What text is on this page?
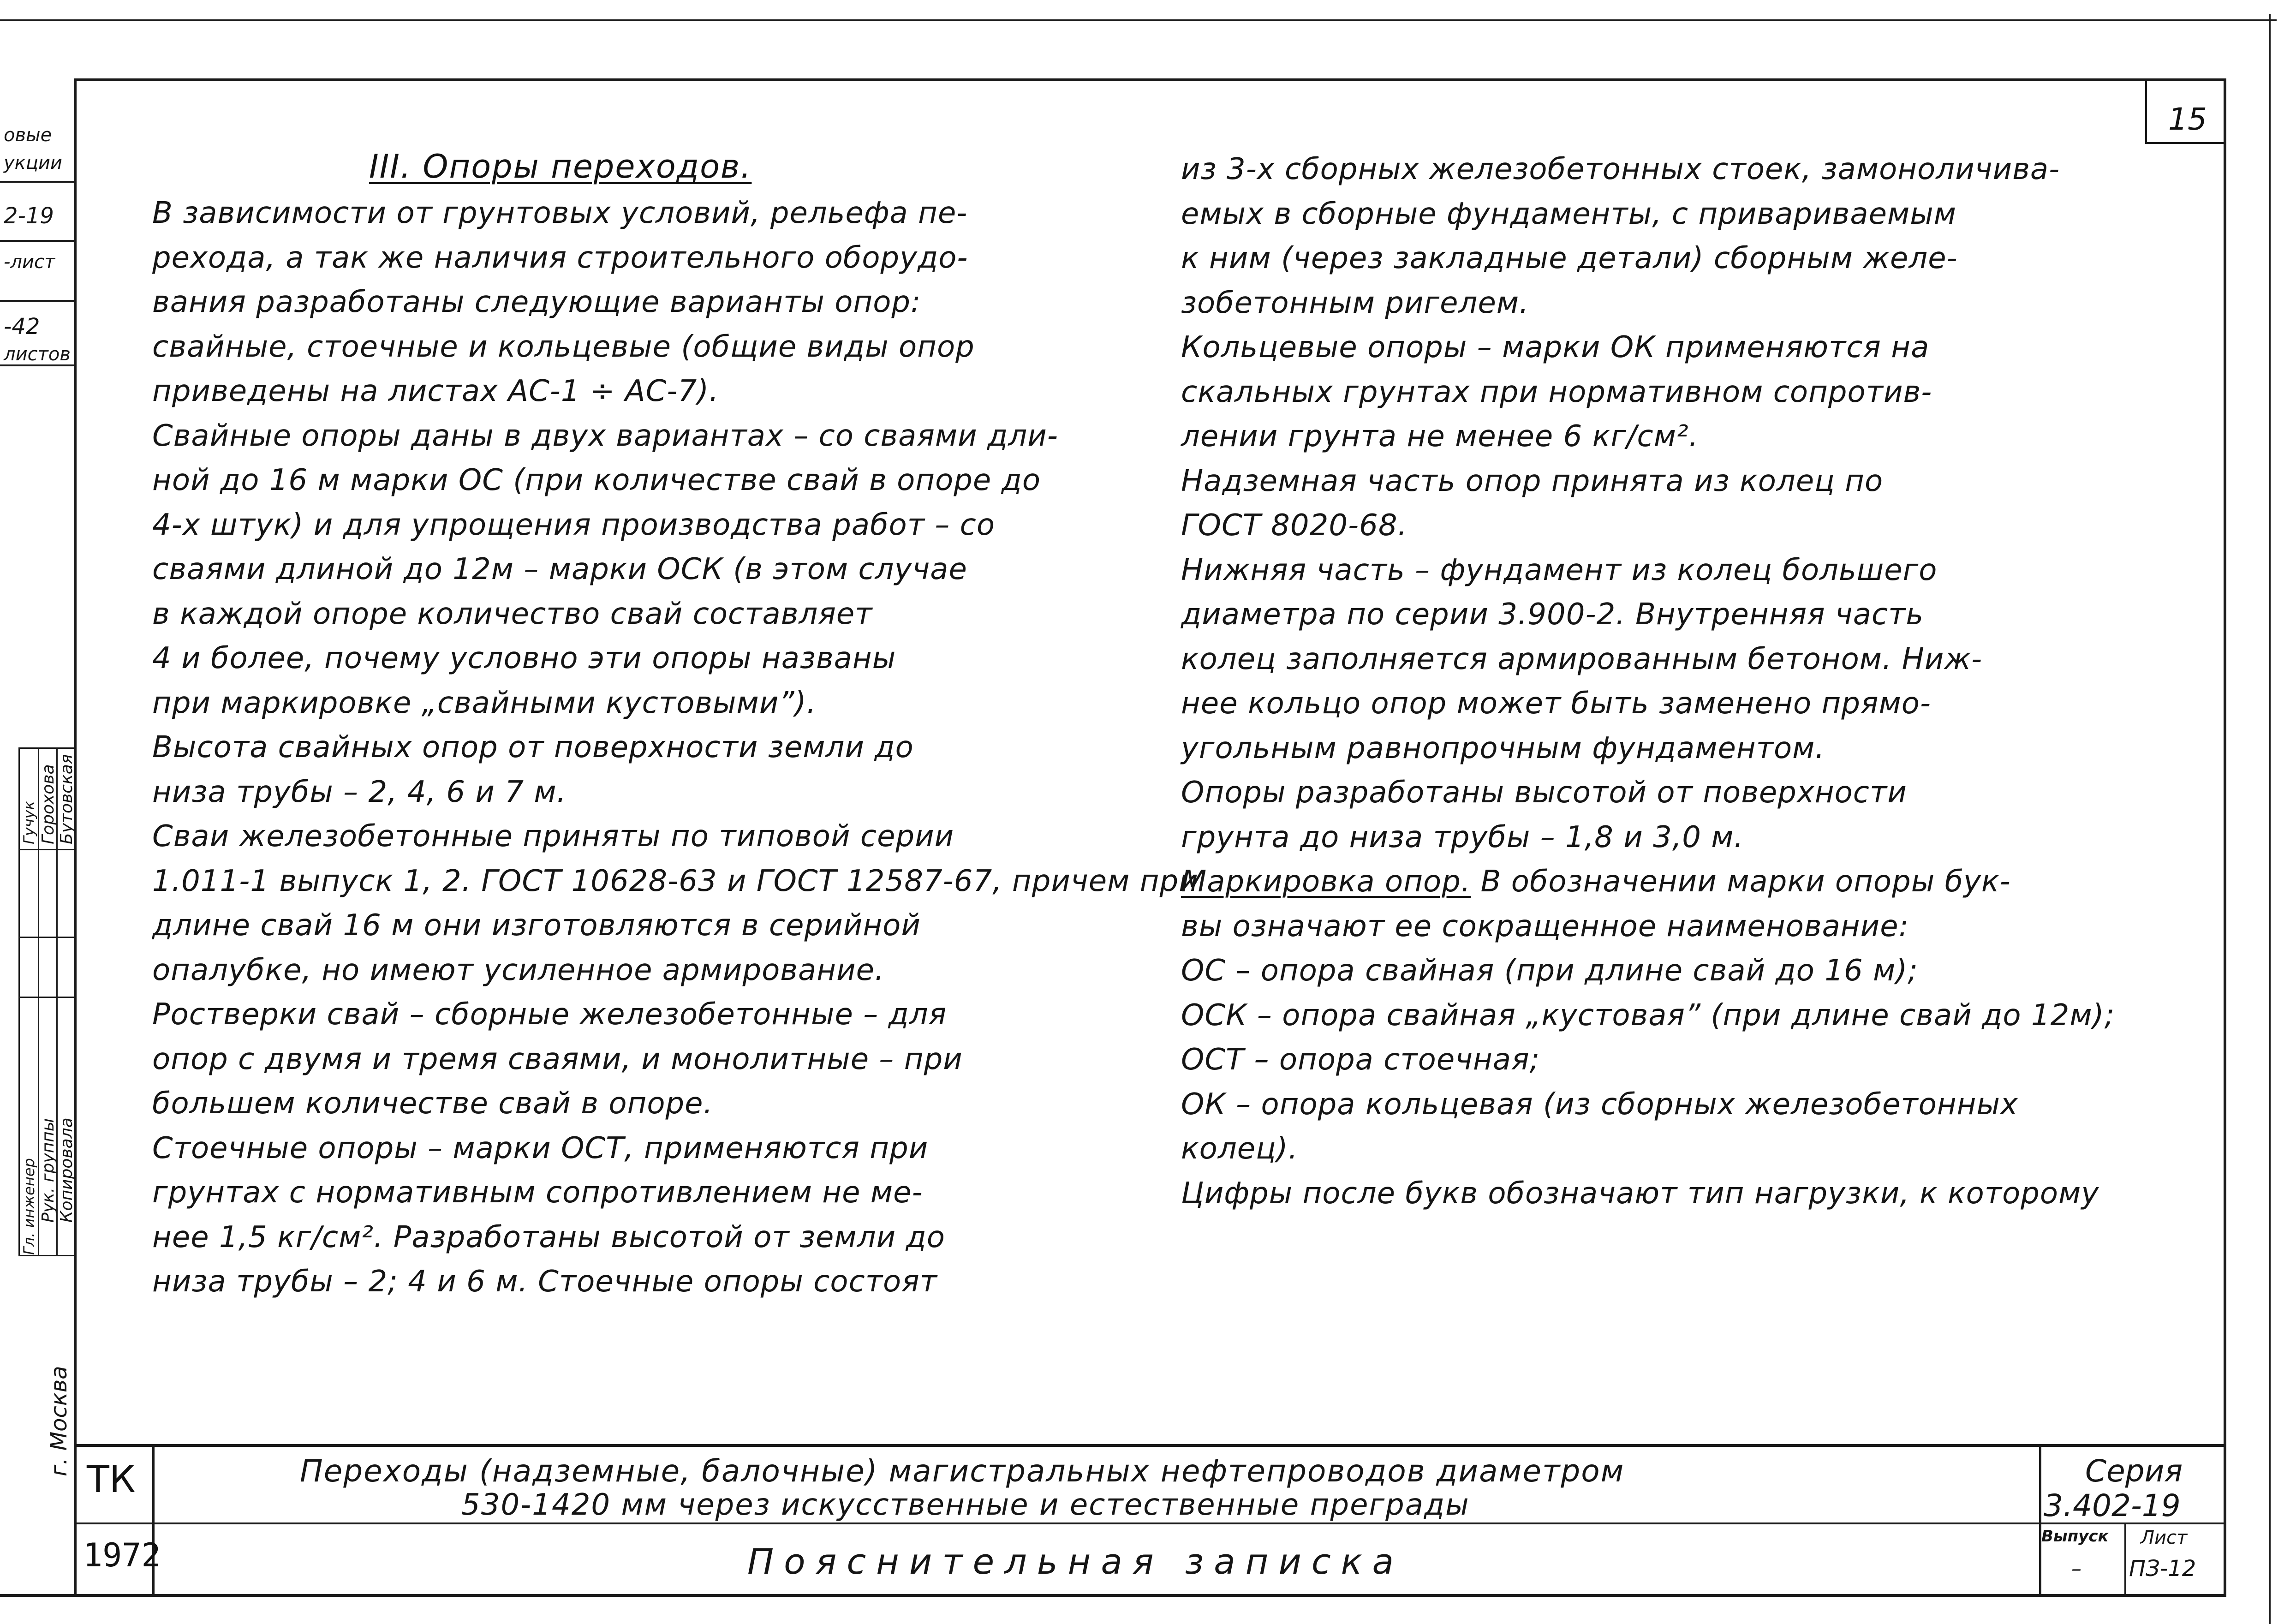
15
овые
укции
2-19
-лист
-42
листов
Рук. группы Копировала
Гл. инженер
Горохова Бутовская
Гучук
г. Москва
III. Опоры переходов.
В зависимости от грунтовых условий, рельефа пе-
рехода, а так же наличия строительного оборудо-
вания разработаны следующие варианты опор:
свайные, стоечные и кольцевые (общие виды опор
приведены на листах АС-1 ÷ АС-7).
Свайные опоры даны в двух вариантах – со сваями дли-
ной до 16 м марки ОС (при количестве свай в опоре до
4-х штук) и для упрощения производства работ – со
сваями длиной до 12м – марки ОСК (в этом случае
в каждой опоре количество свай составляет
4 и более, почему условно эти опоры названы
при маркировке „свайными кустовыми”).
Высота свайных опор от поверхности земли до
низа трубы – 2, 4, 6 и 7 м.
Сваи железобетонные приняты по типовой серии
1.011-1 выпуск 1, 2. ГОСТ 10628-63 и ГОСТ 12587-67, причем при
длине свай 16 м они изготовляются в серийной
опалубке, но имеют усиленное армирование.
Ростверки свай – сборные железобетонные – для
опор с двумя и тремя сваями, и монолитные – при
большем количестве свай в опоре.
Стоечные опоры – марки ОСТ, применяются при
грунтах с нормативным сопротивлением не ме-
нее 1,5 кг/см². Разработаны высотой от земли до
низа трубы – 2; 4 и 6 м. Стоечные опоры состоят
из 3-х сборных железобетонных стоек, замоноличива-
емых в сборные фундаменты, с привариваемым
к ним (через закладные детали) сборным желе-
зобетонным ригелем.
Кольцевые опоры – марки ОК применяются на
скальных грунтах при нормативном сопротив-
лении грунта не менее 6 кг/см².
Надземная часть опор принята из колец по
ГОСТ 8020-68.
Нижняя часть – фундамент из колец большего
диаметра по серии 3.900-2. Внутренняя часть
колец заполняется армированным бетоном. Ниж-
нее кольцо опор может быть заменено прямо-
угольным равнопрочным фундаментом.
Опоры разработаны высотой от поверхности
грунта до низа трубы – 1,8 и 3,0 м.
Маркировка опор. В обозначении марки опоры бук-
вы означают ее сокращенное наименование:
ОС – опора свайная (при длине свай до 16 м);
ОСК – опора свайная „кустовая” (при длине свай до 12м);
ОСТ – опора стоечная;
ОК – опора кольцевая (из сборных железобетонных
колец).
Цифры после букв обозначают тип нагрузки, к которому
ТК
1972
Переходы (надземные, балочные) магистральных нефтепроводов диаметром
530-1420 мм через искусственные и естественные преграды
Пояснительная записка
Серия
3.402-19
Выпуск
–
Лист
ПЗ-12
